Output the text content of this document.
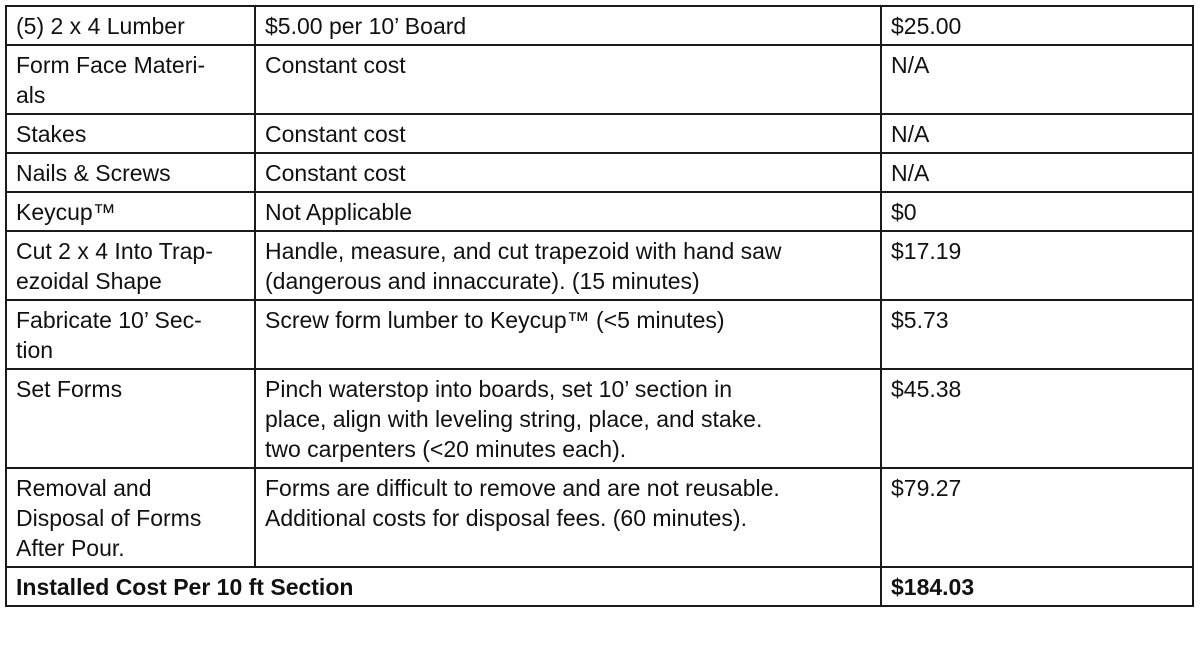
(5) 2 x 4 Lumber	$5.00 per 10’ Board	$25.00
Form Face Materi-
als	Constant cost	N/A
Stakes	Constant cost	N/A
Nails & Screws	Constant cost	N/A
Keycup™	Not Applicable	$0
Cut 2 x 4 Into Trap-
ezoidal Shape	Handle, measure, and cut trapezoid with hand saw
(dangerous and innaccurate). (15 minutes)	$17.19
Fabricate 10’ Sec-
tion	Screw form lumber to Keycup™ (<5 minutes)	$5.73
Set Forms	Pinch waterstop into boards, set 10’ section in
place, align with leveling string, place, and stake.
two carpenters (<20 minutes each).	$45.38
Removal and
Disposal of Forms
After Pour.	Forms are difficult to remove and are not reusable.
Additional costs for disposal fees. (60 minutes).	$79.27
Installed Cost Per 10 ft Section		$184.03
